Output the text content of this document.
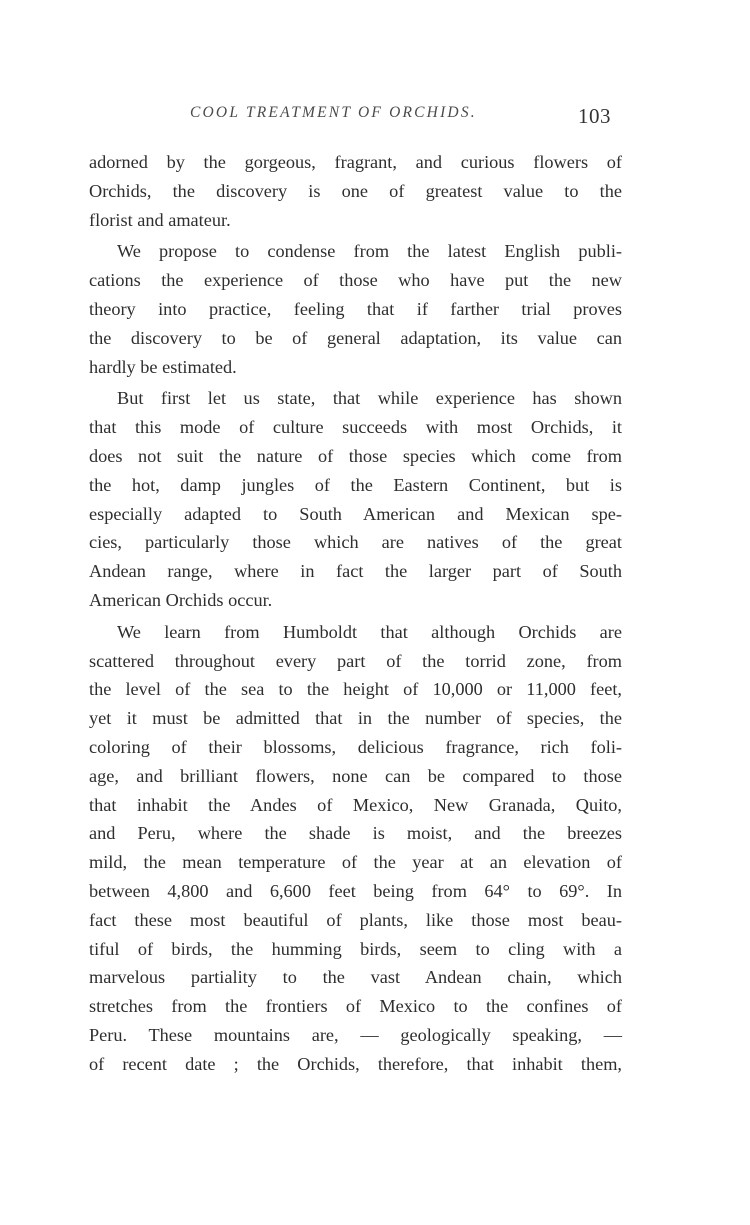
COOL TREATMENT OF ORCHIDS.	103
adorned by the gorgeous, fragrant, and curious flowers of
Orchids, the discovery is one of greatest value to the
florist and amateur.
We propose to condense from the latest English publi-
cations the experience of those who have put the new
theory into practice, feeling that if farther trial proves
the discovery to be of general adaptation, its value can
hardly be estimated.
But first let us state, that while experience has shown
that this mode of culture succeeds with most Orchids, it
does not suit the nature of those species which come from
the hot, damp jungles of the Eastern Continent, but is
especially adapted to South American and Mexican spe-
cies, particularly those which are natives of the great
Andean range, where in fact the larger part of South
American Orchids occur.
We learn from Humboldt that although Orchids are
scattered throughout every part of the torrid zone, from
the level of the sea to the height of 10,000 or 11,000 feet,
yet it must be admitted that in the number of species, the
coloring of their blossoms, delicious fragrance, rich foli-
age, and brilliant flowers, none can be compared to those
that inhabit the Andes of Mexico, New Granada, Quito,
and Peru, where the shade is moist, and the breezes
mild, the mean temperature of the year at an elevation of
between 4,800 and 6,600 feet being from 64° to 69°. In
fact these most beautiful of plants, like those most beau-
tiful of birds, the humming birds, seem to cling with a
marvelous partiality to the vast Andean chain, which
stretches from the frontiers of Mexico to the confines of
Peru. These mountains are, — geologically speaking, —
of recent date ; the Orchids, therefore, that inhabit them,
